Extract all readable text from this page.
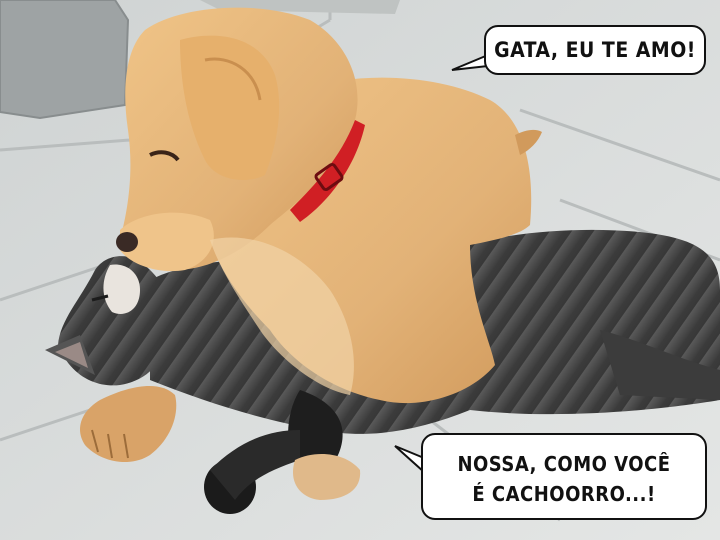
GATA, EU TE AMO!
NOSSA, COMO VOCÊ
É CACHOORRO...!
